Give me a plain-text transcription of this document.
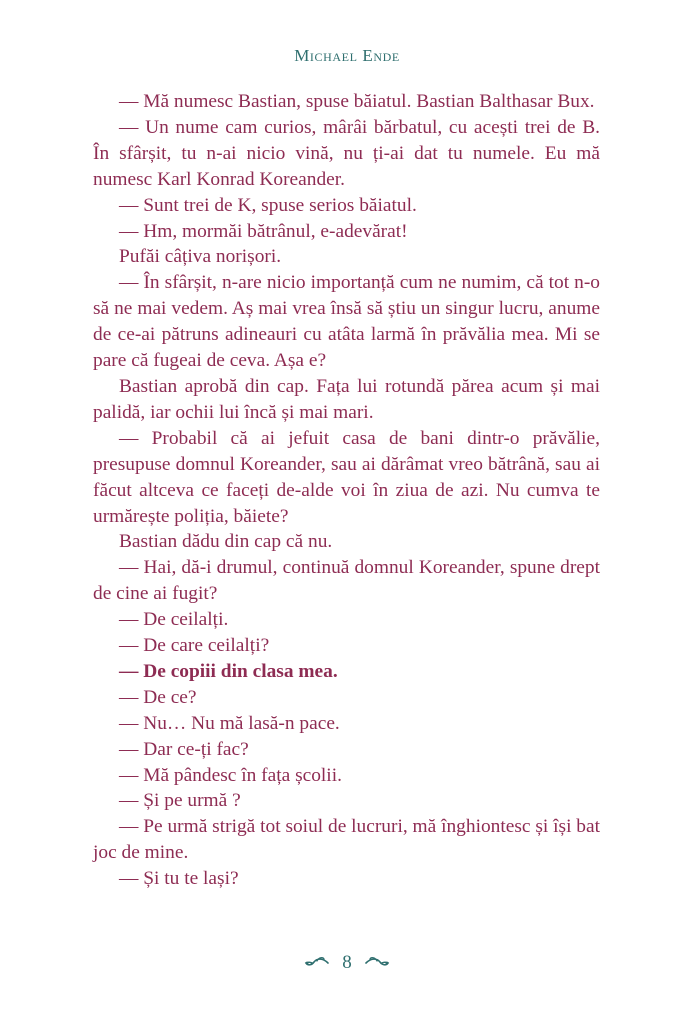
Michael Ende

— Mă numesc Bastian, spuse băiatul. Bastian Balthasar Bux.

— Un nume cam curios, mârâi bărbatul, cu acești trei de B. În sfârșit, tu n-ai nicio vină, nu ți-ai dat tu numele. Eu mă numesc Karl Konrad Koreander.

— Sunt trei de K, spuse serios băiatul.

— Hm, mormăi bătrânul, e-adevărat!

Pufăi câțiva norișori.

— În sfârșit, n-are nicio importanță cum ne numim, că tot n-o să ne mai vedem. Aș mai vrea însă să știu un singur lucru, anume de ce-ai pătruns adineauri cu atâta larmă în prăvălia mea. Mi se pare că fugeai de ceva. Așa e?

Bastian aprobă din cap. Fața lui rotundă părea acum și mai palidă, iar ochii lui încă și mai mari.

— Probabil că ai jefuit casa de bani dintr-o prăvălie, presupuse domnul Koreander, sau ai dărâmat vreo bătrână, sau ai făcut altceva ce faceți de-alde voi în ziua de azi. Nu cumva te urmărește poliția, băiete?

Bastian dădu din cap că nu.

— Hai, dă-i drumul, continuă domnul Koreander, spune drept de cine ai fugit?

— De ceilalți.

— De care ceilalți?

— De copiii din clasa mea.

— De ce?

— Nu… Nu mă lasă-n pace.

— Dar ce-ți fac?

— Mă pândesc în fața școlii.

— Și pe urmă ?

— Pe urmă strigă tot soiul de lucruri, mă înghiontesc și își bat joc de mine.

— Și tu te lași?

8
